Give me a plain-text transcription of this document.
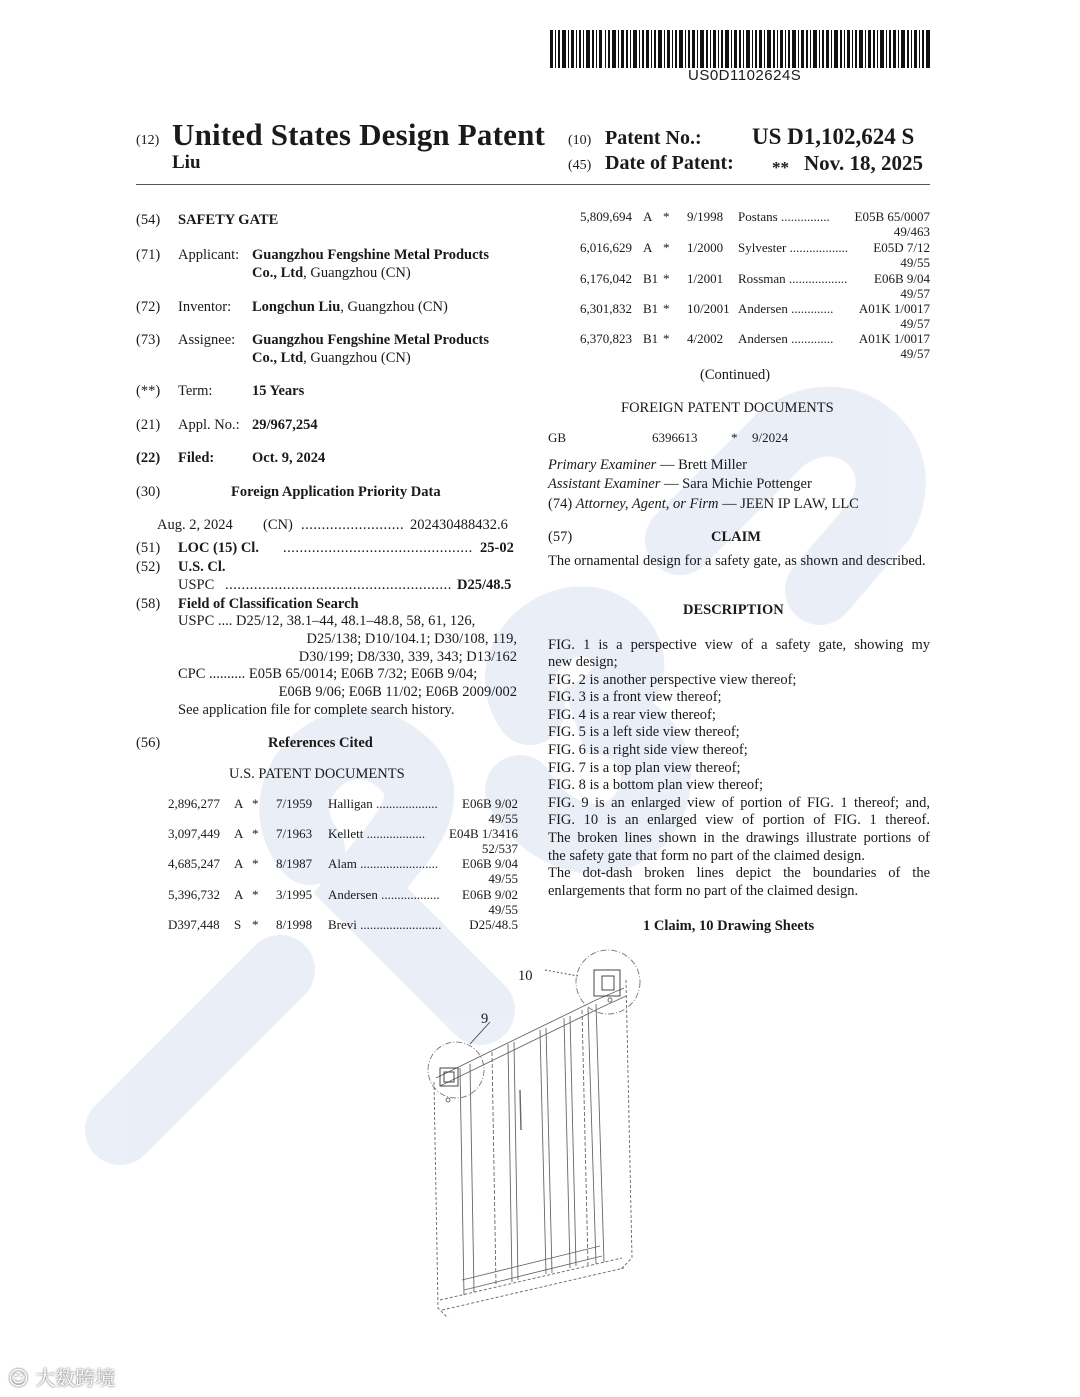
US0D1102624S
(12) United States Design Patent
Liu
(10) Patent No.: US D1,102,624 S
(45) Date of Patent: ** Nov. 18, 2025
(54) SAFETY GATE
(71) Applicant: Guangzhou Fengshine Metal Products
Co., Ltd, Guangzhou (CN)
(72) Inventor: Longchun Liu, Guangzhou (CN)
(73) Assignee: Guangzhou Fengshine Metal Products
Co., Ltd, Guangzhou (CN)
(**) Term:	15 Years
(21) Appl. No.: 29/967,254
(22) Filed:	Oct. 9, 2024
(30)	Foreign Application Priority Data
Aug. 2, 2024 (CN) ......................... 202430488432.6
(51) LOC (15) Cl. .............................................. 25-02
(52) U.S. Cl.
USPC ....................................................... D25/48.5
(58) Field of Classification Search
USPC .... D25/12, 38.1–44, 48.1–48.8, 58, 61, 126,
D25/138; D10/104.1; D30/108, 119,
D30/199; D8/330, 339, 343; D13/162
CPC .......... E05B 65/0014; E06B 7/32; E06B 9/04;
E06B 9/06; E06B 11/02; E06B 2009/002
See application file for complete search history.
(56)	References Cited
U.S. PATENT DOCUMENTS
2,896,277 A * 7/1959 Halligan ...................	E06B 9/02
49/55
3,097,449 A * 7/1963 Kellett ..................	E04B 1/3416
52/537
4,685,247 A * 8/1987 Alam ........................	E06B 9/04
49/55
5,396,732 A * 3/1995 Andersen ..................	E06B 9/02
49/55
D397,448 S * 8/1998 Brevi .........................	D25/48.5
5,809,694 A * 9/1998 Postans ...............	E05B 65/0007
49/463
6,016,629 A * 1/2000 Sylvester ..................	E05D 7/12
49/55
6,176,042 B1 * 1/2001 Rossman ..................	E06B 9/04
49/57
6,301,832 B1 * 10/2001 Andersen .............	A01K 1/0017
49/57
6,370,823 B1 * 4/2002 Andersen .............	A01K 1/0017
49/57
(Continued)
FOREIGN PATENT DOCUMENTS
GB	6396613	* 9/2024
Primary Examiner — Brett Miller
Assistant Examiner — Sara Michie Pottenger
(74) Attorney, Agent, or Firm — JEEN IP LAW, LLC
(57)	CLAIM
The ornamental design for a safety gate, as shown and described.
DESCRIPTION
FIG. 1 is a perspective view of a safety gate, showing my
new design;
FIG. 2 is another perspective view thereof;
FIG. 3 is a front view thereof;
FIG. 4 is a rear view thereof;
FIG. 5 is a left side view thereof;
FIG. 6 is a right side view thereof;
FIG. 7 is a top plan view thereof;
FIG. 8 is a bottom plan view thereof;
FIG. 9 is an enlarged view of portion of FIG. 1 thereof; and,
FIG. 10 is an enlarged view of portion of FIG. 1 thereof.
The broken lines shown in the drawings illustrate portions of
the safety gate that form no part of the claimed design.
The dot-dash broken lines depict the boundaries of the
enlargements that form no part of the claimed design.
1 Claim, 10 Drawing Sheets
10
9
☺ 大数跨境
